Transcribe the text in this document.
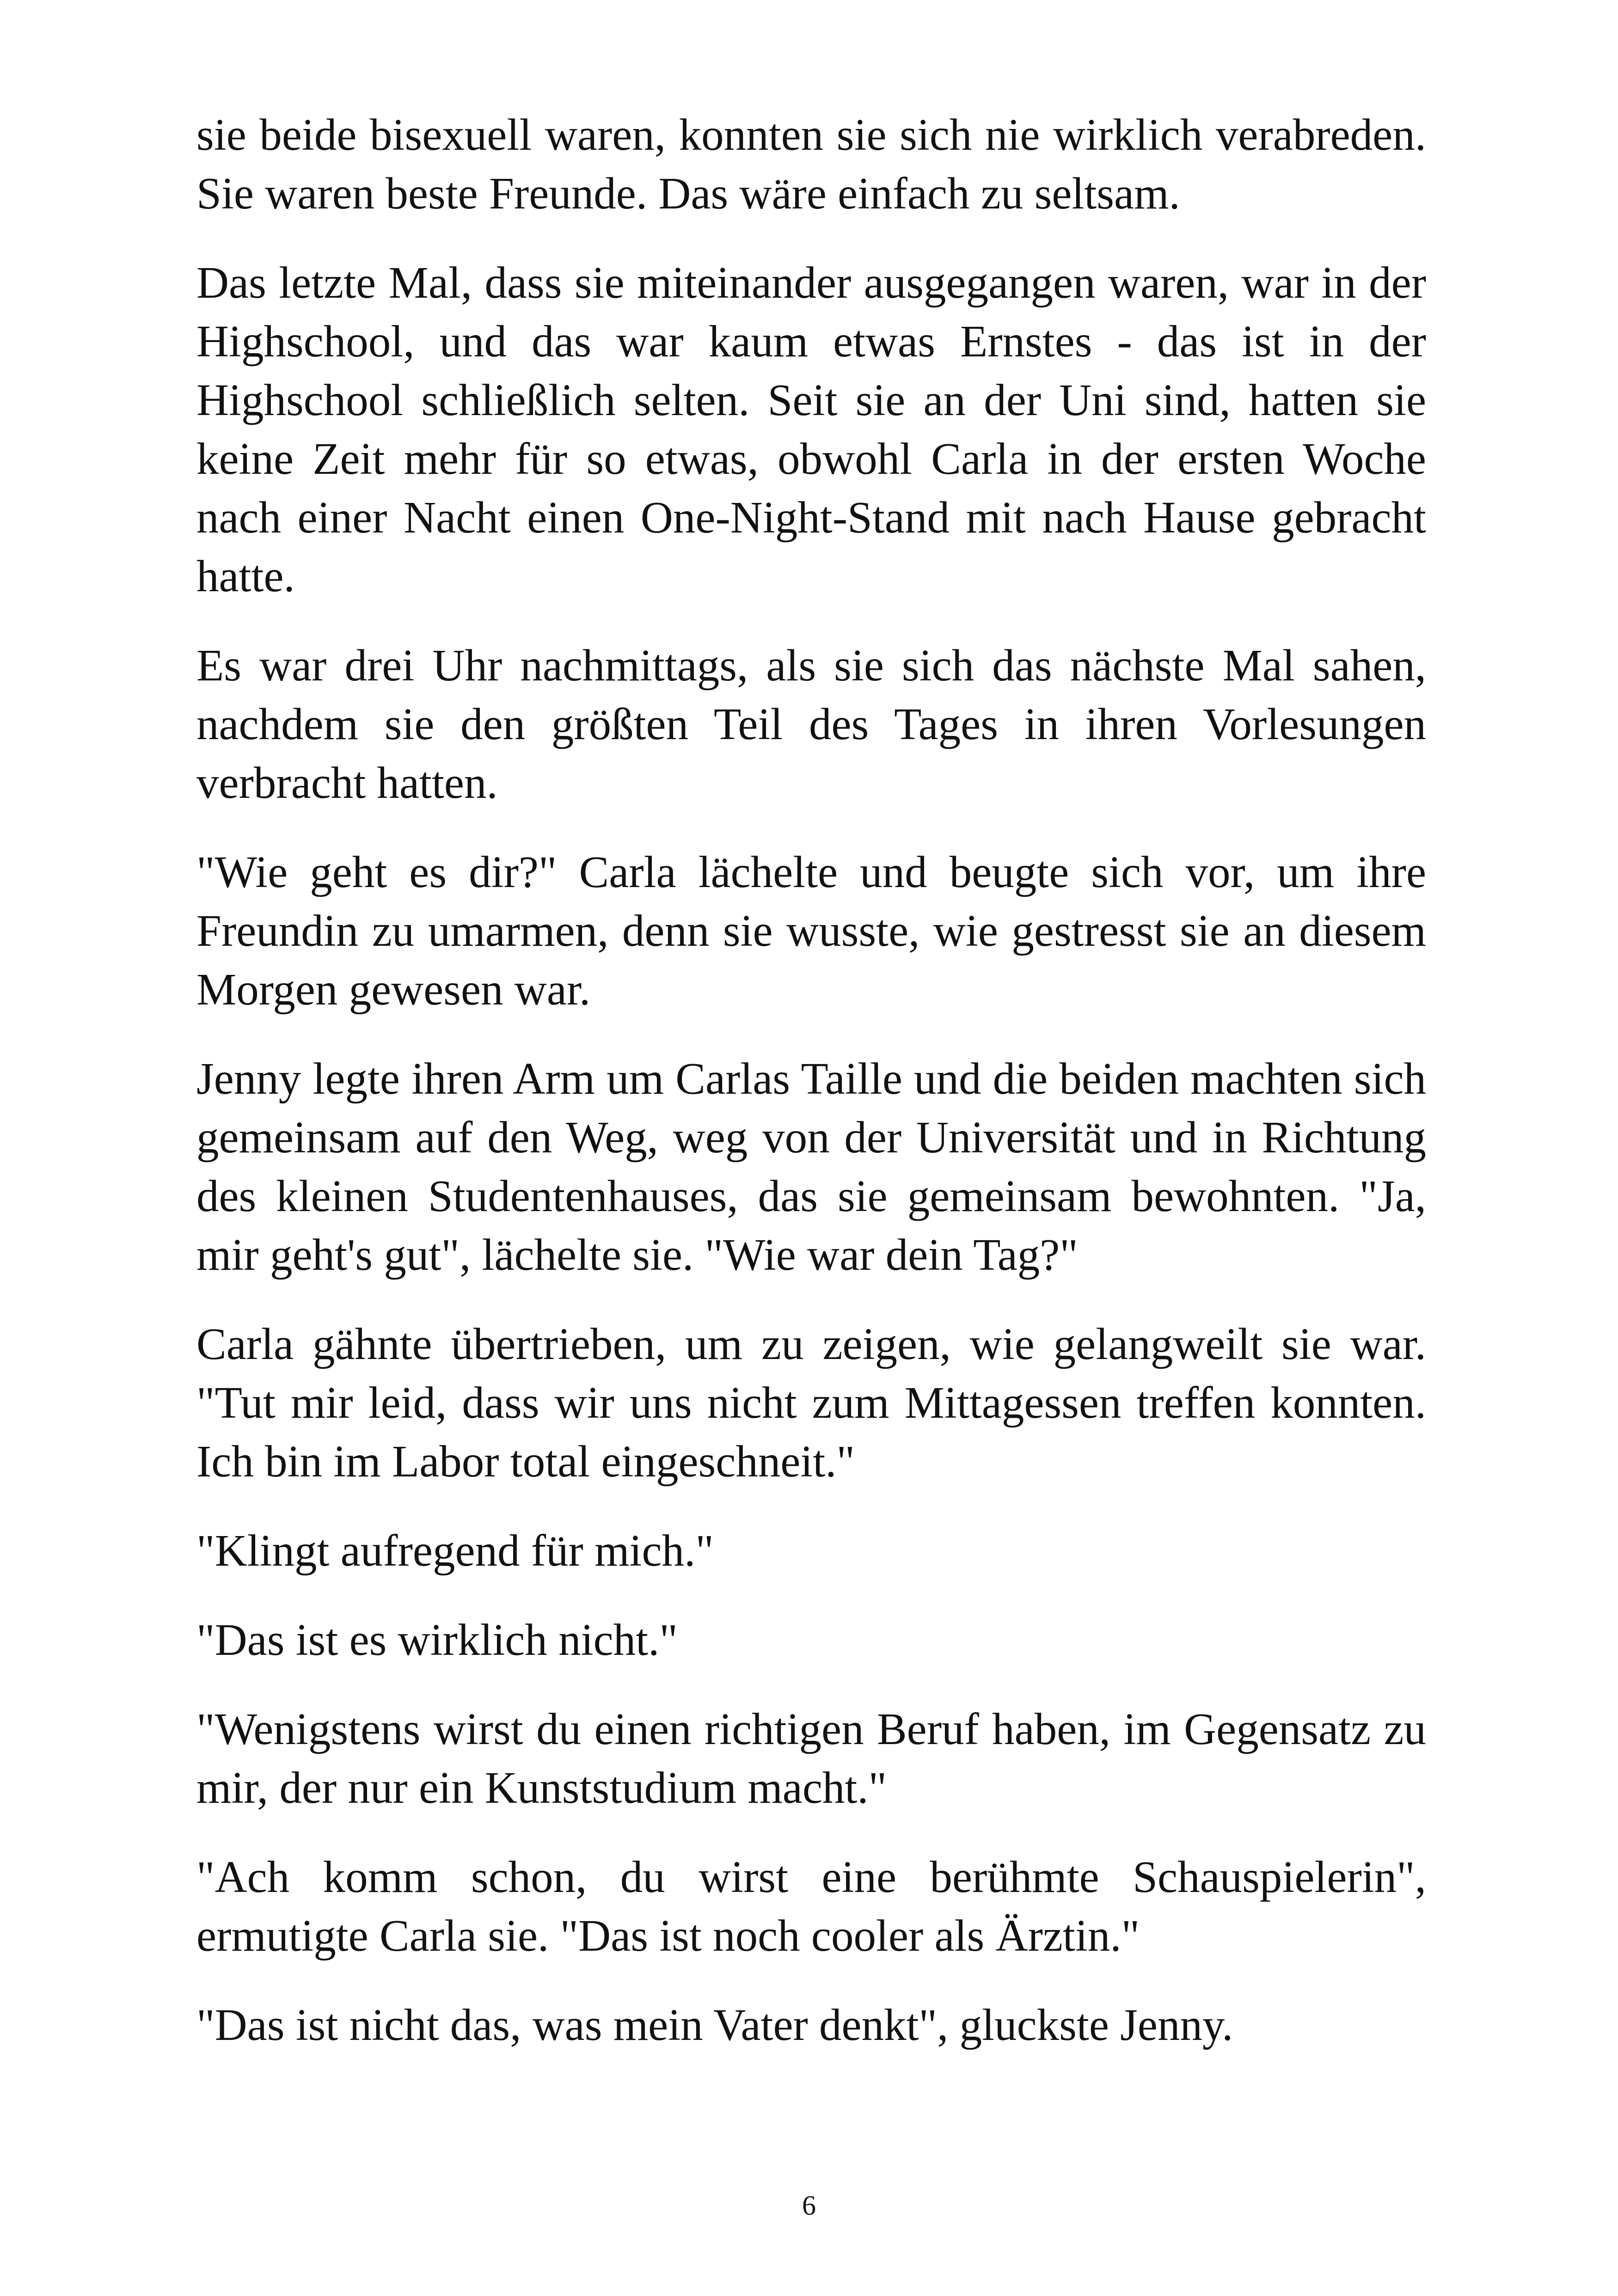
sie beide bisexuell waren, konnten sie sich nie wirklich verabreden. Sie waren beste Freunde. Das wäre einfach zu seltsam.

Das letzte Mal, dass sie miteinander ausgegangen waren, war in der Highschool, und das war kaum etwas Ernstes - das ist in der Highschool schließlich selten. Seit sie an der Uni sind, hatten sie keine Zeit mehr für so etwas, obwohl Carla in der ersten Woche nach einer Nacht einen One-Night-Stand mit nach Hause gebracht hatte.

Es war drei Uhr nachmittags, als sie sich das nächste Mal sahen, nachdem sie den größten Teil des Tages in ihren Vorlesungen verbracht hatten.

"Wie geht es dir?" Carla lächelte und beugte sich vor, um ihre Freundin zu umarmen, denn sie wusste, wie gestresst sie an diesem Morgen gewesen war.

Jenny legte ihren Arm um Carlas Taille und die beiden machten sich gemeinsam auf den Weg, weg von der Universität und in Richtung des kleinen Studentenhauses, das sie gemeinsam bewohnten. "Ja, mir geht's gut", lächelte sie. "Wie war dein Tag?"

Carla gähnte übertrieben, um zu zeigen, wie gelangweilt sie war. "Tut mir leid, dass wir uns nicht zum Mittagessen treffen konnten. Ich bin im Labor total eingeschneit."

"Klingt aufregend für mich."

"Das ist es wirklich nicht."

"Wenigstens wirst du einen richtigen Beruf haben, im Gegensatz zu mir, der nur ein Kunststudium macht."

"Ach komm schon, du wirst eine berühmte Schauspielerin", ermutigte Carla sie. "Das ist noch cooler als Ärztin."

"Das ist nicht das, was mein Vater denkt", gluckste Jenny.

6
